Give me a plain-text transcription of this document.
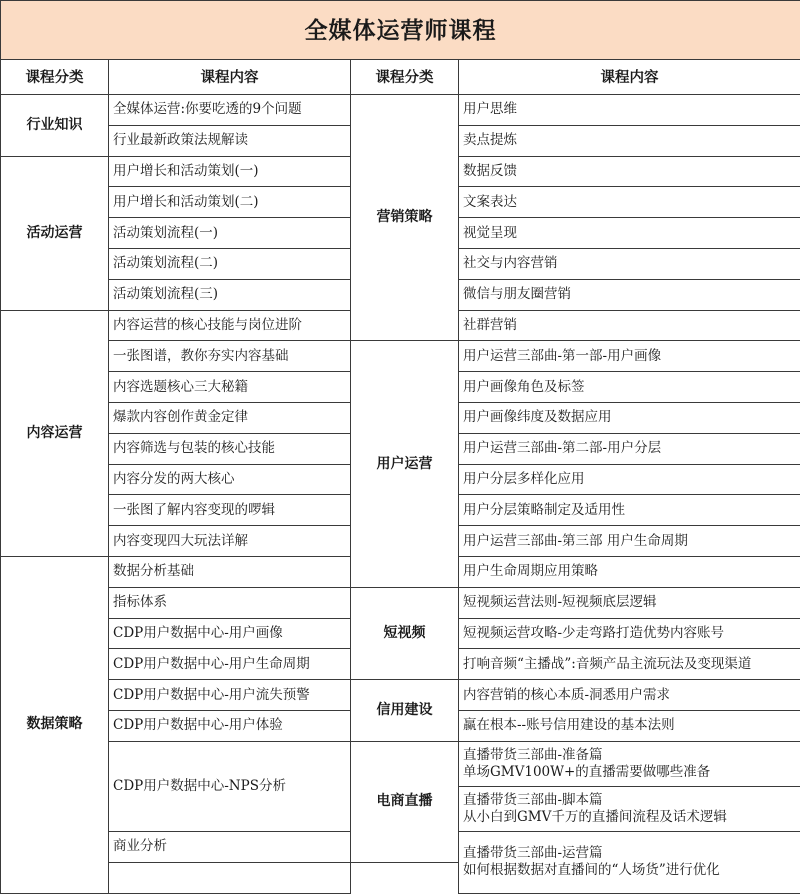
全媒体运营师课程			
课程分类	课程内容	课程分类	课程内容
行业知识	全媒体运营:你要吃透的9个问题	营销策略	用户思维
	行业最新政策法规解读		卖点提炼
活动运营	用户增长和活动策划(一)		数据反馈
	用户增长和活动策划(二)		文案表达
	活动策划流程(一)		视觉呈现
	活动策划流程(二)		社交与内容营销
	活动策划流程(三)		微信与朋友圈营销
内容运营	内容运营的核心技能与岗位进阶		社群营销
	一张图谱，教你夯实内容基础	用户运营	用户运营三部曲-第一部-用户画像
	内容选题核心三大秘籍		用户画像角色及标签
	爆款内容创作黄金定律		用户画像纬度及数据应用
	内容筛选与包装的核心技能		用户运营三部曲-第二部-用户分层
	内容分发的两大核心		用户分层多样化应用
	一张图了解内容变现的啰辑		用户分层策略制定及适用性
	内容变现四大玩法详解		用户运营三部曲-第三部 用户生命周期
数据策略	数据分析基础		用户生命周期应用策略
	指标体系	短视频	短视频运营法则-短视频底层逻辑
	CDP用户数据中心-用户画像		短视频运营攻略-少走弯路打造优势内容账号
	CDP用户数据中心-用户生命周期		打响音频“主播战”:音频产品主流玩法及变现渠道
	CDP用户数据中心-用户流失预警	信用建设	内容营销的核心本质-洞悉用户需求
	CDP用户数据中心-用户体验		赢在根本--账号信用建设的基本法则
	CDP用户数据中心-NPS分析	电商直播	直播带货三部曲-准备篇
单场GMV100W+的直播需要做哪些准备

			直播带货三部曲-脚本篇
从小白到GMV千万的直播间流程及话术逻辑

	商业分析		直播带货三部曲-运营篇
如何根据数据对直播间的“人场货”进行优化
